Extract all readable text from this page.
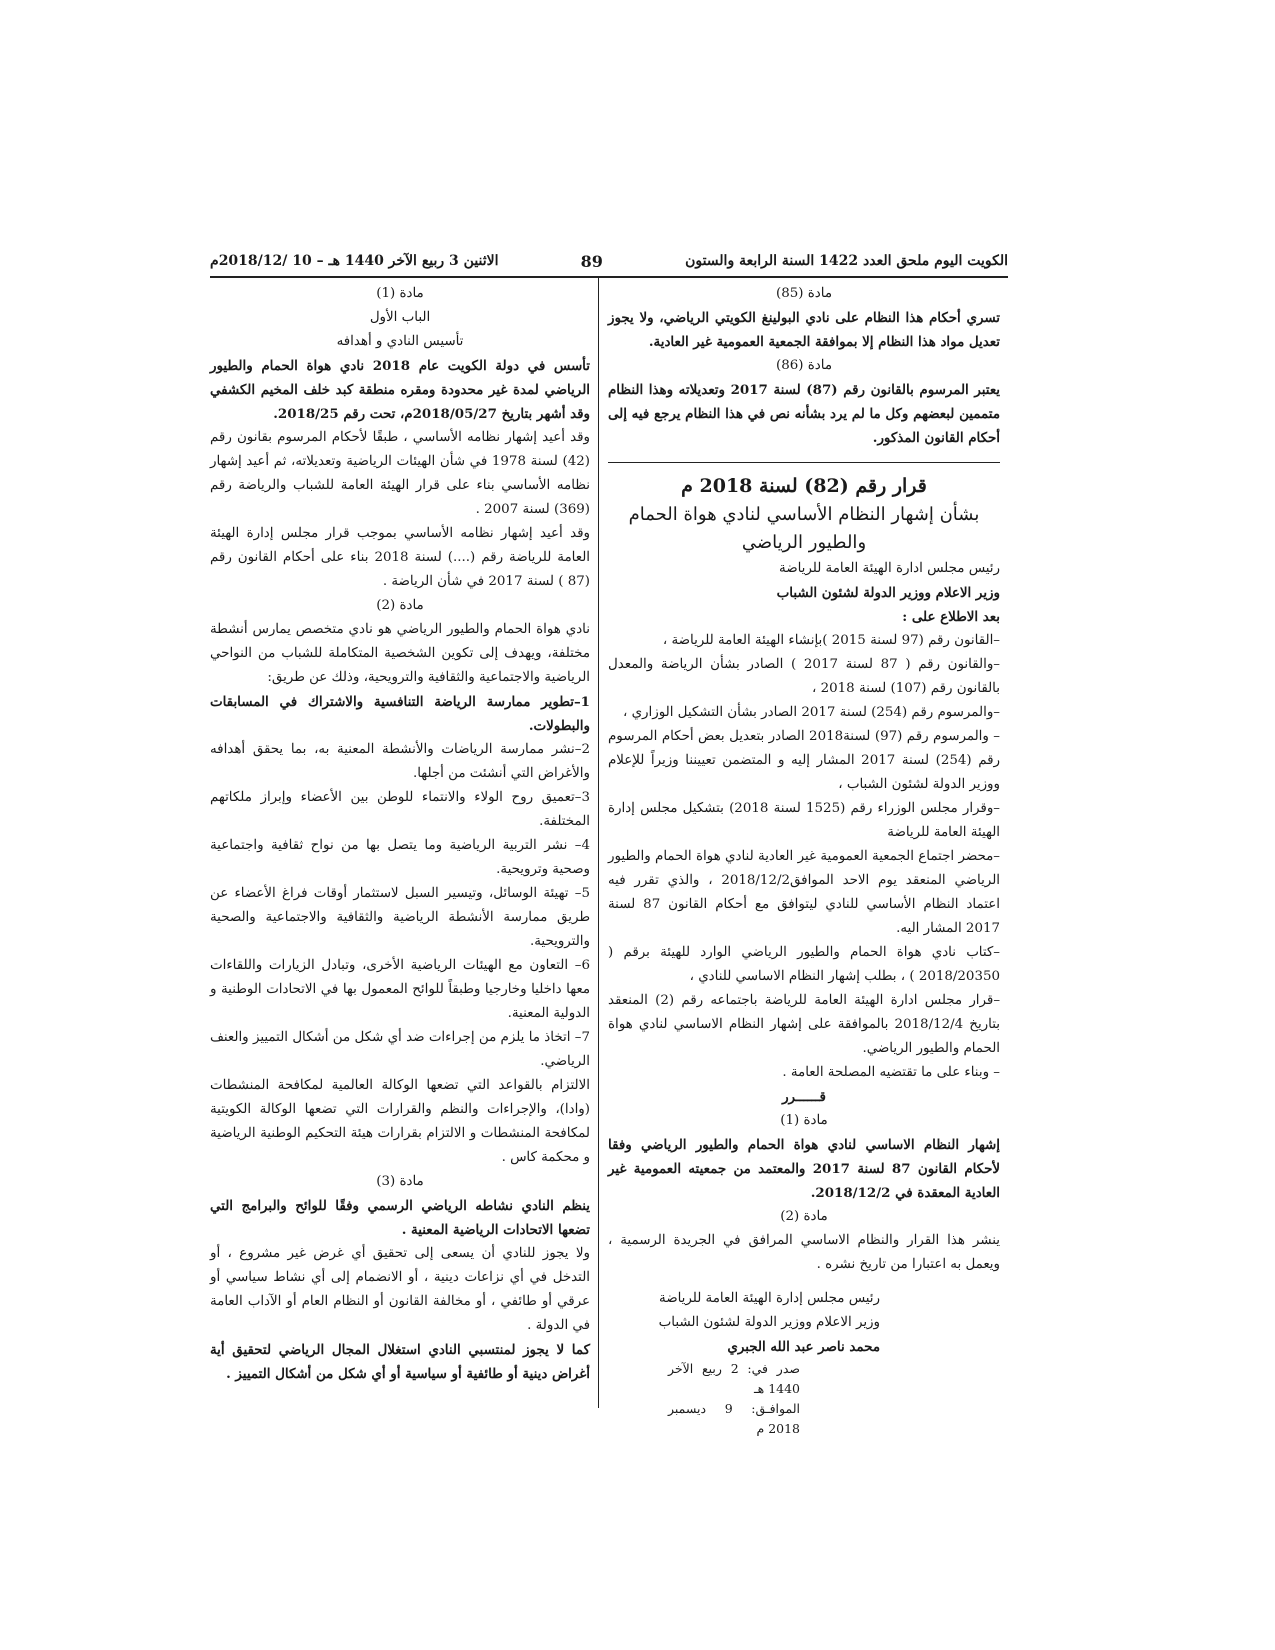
الكويت اليوم ملحق العدد 1422 السنة الرابعة والستون
89
الاثنين 3 ربيع الآخر 1440 هـ – 10 /2018/12م

مادة (85)

تسري أحكام هذا النظام على نادي البولينغ الكويتي الرياضي، ولا يجوز تعديل مواد هذا النظام إلا بموافقة الجمعية العمومية غير العادية.

مادة (86)

يعتبر المرسوم بالقانون رقم (87) لسنة 2017 وتعديلاته وهذا النظام متممين لبعضهم وكل ما لم يرد بشأنه نص في هذا النظام يرجع فيه إلى أحكام القانون المذكور.

قرار رقم (82) لسنة 2018 م

بشأن إشهار النظام الأساسي لنادي هواة الحمام

والطيور الرياضي

رئيس مجلس ادارة الهيئة العامة للرياضة

وزير الاعلام ووزير الدولة لشئون الشباب

بعد الاطلاع على :

–القانون رقم (97 لسنة 2015 )بإنشاء الهيئة العامة للرياضة ،

–والقانون رقم ( 87 لسنة 2017 ) الصادر بشأن الرياضة والمعدل بالقانون رقم (107) لسنة 2018 ،

–والمرسوم رقم (254) لسنة 2017 الصادر بشأن التشكيل الوزاري ،

– والمرسوم رقم (97) لسنة2018 الصادر بتعديل بعض أحكام المرسوم رقم (254) لسنة 2017 المشار إليه و المتضمن تعييننا وزيراً للإعلام ووزير الدولة لشئون الشباب ،

–وقرار مجلس الوزراء رقم (1525 لسنة 2018) بتشكيل مجلس إدارة الهيئة العامة للرياضة

–محضر اجتماع الجمعية العمومية غير العادية لنادي هواة الحمام والطيور الرياضي المنعقد يوم الاحد الموافق2018/12/2 ، والذي تقرر فيه اعتماد النظام الأساسي للنادي ليتوافق مع أحكام القانون 87 لسنة 2017 المشار اليه.

–كتاب نادي هواة الحمام والطيور الرياضي الوارد للهيئة برقم ( 2018/20350 ) ، بطلب إشهار النظام الاساسي للنادي ،

–قرار مجلس ادارة الهيئة العامة للرياضة باجتماعه رقم (2) المنعقد بتاريخ 2018/12/4 بالموافقة على إشهار النظام الاساسي لنادي هواة الحمام والطيور الرياضي.

– وبناء على ما تقتضيه المصلحة العامة .

قــــــرر

مادة (1)

إشهار النظام الاساسي لنادي هواة الحمام والطيور الرياضي وفقا لأحكام القانون 87 لسنة 2017 والمعتمد من جمعيته العمومية غير العادية المعقدة في 2018/12/2.

مادة (2)

ينشر هذا القرار والنظام الاساسي المرافق في الجريدة الرسمية ، ويعمل به اعتبارا من تاريخ نشره .

رئيس مجلس إدارة الهيئة العامة للرياضة

وزير الاعلام ووزير الدولة لشئون الشباب

محمد ناصر عبد الله الجبري

صدر في: 2 ربيع الآخر 1440 هـ

الموافـق: 9 ديسمبر 2018 م

مادة (1)

الباب الأول

تأسيس النادي و أهدافه

تأسس في دولة الكويت عام 2018 نادي هواة الحمام والطيور الرياضي لمدة غير محدودة ومقره منطقة كبد خلف المخيم الكشفي وقد أشهر بتاريخ 2018/05/27م، تحت رقم 2018/25.

وقد أعيد إشهار نظامه الأساسي ، طبقًا لأحكام المرسوم بقانون رقم (42) لسنة 1978 في شأن الهيئات الرياضية وتعديلاته، ثم أعيد إشهار نظامه الأساسي بناء على قرار الهيئة العامة للشباب والرياضة رقم (369) لسنة 2007 .

وقد أعيد إشهار نظامه الأساسي بموجب قرار مجلس إدارة الهيئة العامة للرياضة رقم (....) لسنة 2018 بناء على أحكام القانون رقم (87 ) لسنة 2017 في شأن الرياضة .

مادة (2)

نادي هواة الحمام والطيور الرياضي هو نادي متخصص يمارس أنشطة مختلفة، ويهدف إلى تكوين الشخصية المتكاملة للشباب من النواحي الرياضية والاجتماعية والثقافية والترويحية، وذلك عن طريق:

1–تطوير ممارسة الرياضة التنافسية والاشتراك في المسابقات والبطولات.

2–نشر ممارسة الرياضات والأنشطة المعنية به، بما يحقق أهدافه والأغراض التي أنشئت من أجلها.

3–تعميق روح الولاء والانتماء للوطن بين الأعضاء وإبراز ملكاتهم المختلفة.

4– نشر التربية الرياضية وما يتصل بها من نواح ثقافية واجتماعية وصحية وترويحية.

5– تهيئة الوسائل، وتيسير السبل لاستثمار أوقات فراغ الأعضاء عن طريق ممارسة الأنشطة الرياضية والثقافية والاجتماعية والصحية والترويحية.

6– التعاون مع الهيئات الرياضية الأخرى، وتبادل الزيارات واللقاءات معها داخليا وخارجيا وطبقاً للوائح المعمول بها في الاتحادات الوطنية و الدولية المعنية.

7– اتخاذ ما يلزم من إجراءات ضد أي شكل من أشكال التمييز والعنف الرياضي.

الالتزام بالقواعد التي تضعها الوكالة العالمية لمكافحة المنشطات (وادا)، والإجراءات والنظم والقرارات التي تضعها الوكالة الكويتية لمكافحة المنشطات و الالتزام بقرارات هيئة التحكيم الوطنية الرياضية و محكمة كاس .

مادة (3)

ينظم النادي نشاطه الرياضي الرسمي وفقًا للوائح والبرامج التي تضعها الاتحادات الرياضية المعنية .

ولا يجوز للنادي أن يسعى إلى تحقيق أي غرض غير مشروع ، أو التدخل في أي نزاعات دينية ، أو الانضمام إلى أي نشاط سياسي أو عرقي أو طائفي ، أو مخالفة القانون أو النظام العام أو الآداب العامة في الدولة .

كما لا يجوز لمنتسبي النادي استغلال المجال الرياضي لتحقيق أية أغراض دينية أو طائفية أو سياسية أو أي شكل من أشكال التمييز .
